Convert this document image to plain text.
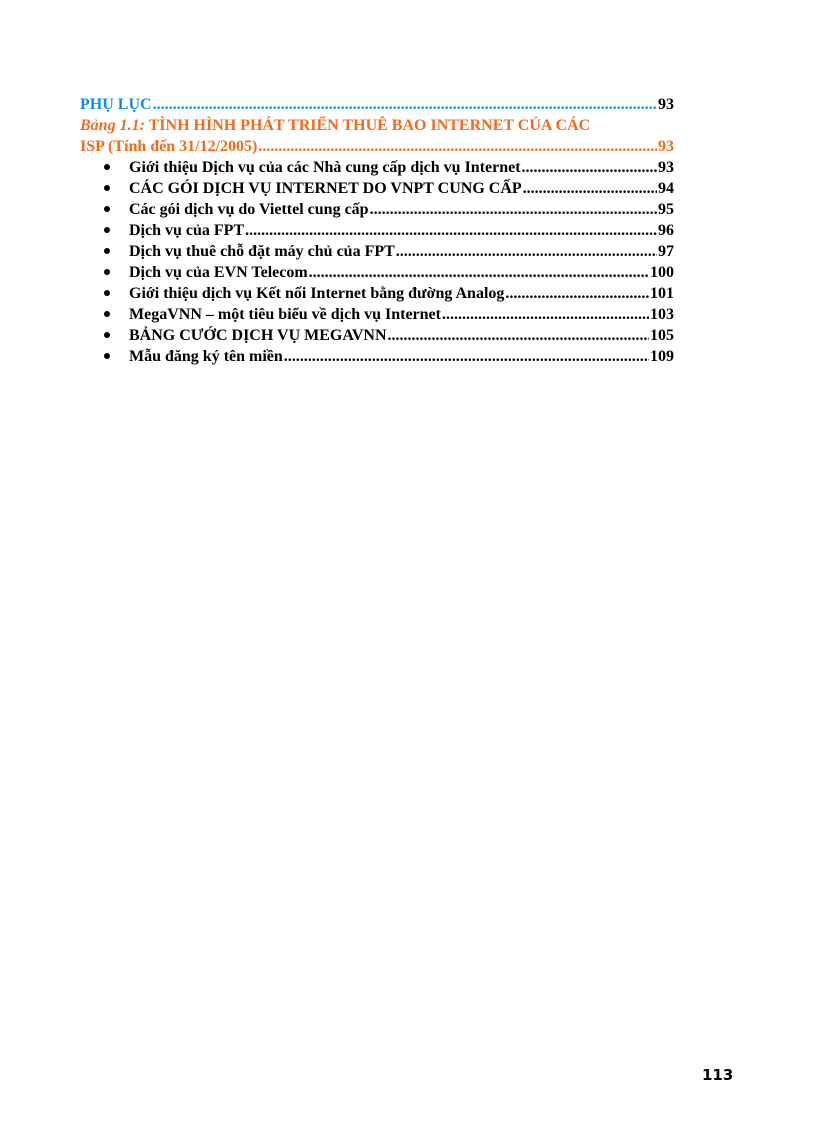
PHỤ LỤC .....	93
Bảng 1.1: TÌNH HÌNH PHÁT TRIỂN THUÊ BAO INTERNET CỦA CÁC
ISP (Tính đến 31/12/2005) .....	93
Giới thiệu Dịch vụ của các Nhà cung cấp dịch vụ Internet .....	93
CÁC GÓI DỊCH VỤ INTERNET DO VNPT CUNG CẤP .....	94
Các gói dịch vụ do Viettel cung cấp .....	95
Dịch vụ của FPT .....	96
Dịch vụ thuê chỗ đặt máy chủ của FPT .....	97
Dịch vụ của EVN Telecom .....	100
Giới thiệu dịch vụ Kết nối Internet bằng đường Analog .....	101
MegaVNN – một tiêu biểu về dịch vụ Internet .....	103
BẢNG CƯỚC DỊCH VỤ MEGAVNN .....	105
Mẫu đăng ký tên miền .....	109
113
